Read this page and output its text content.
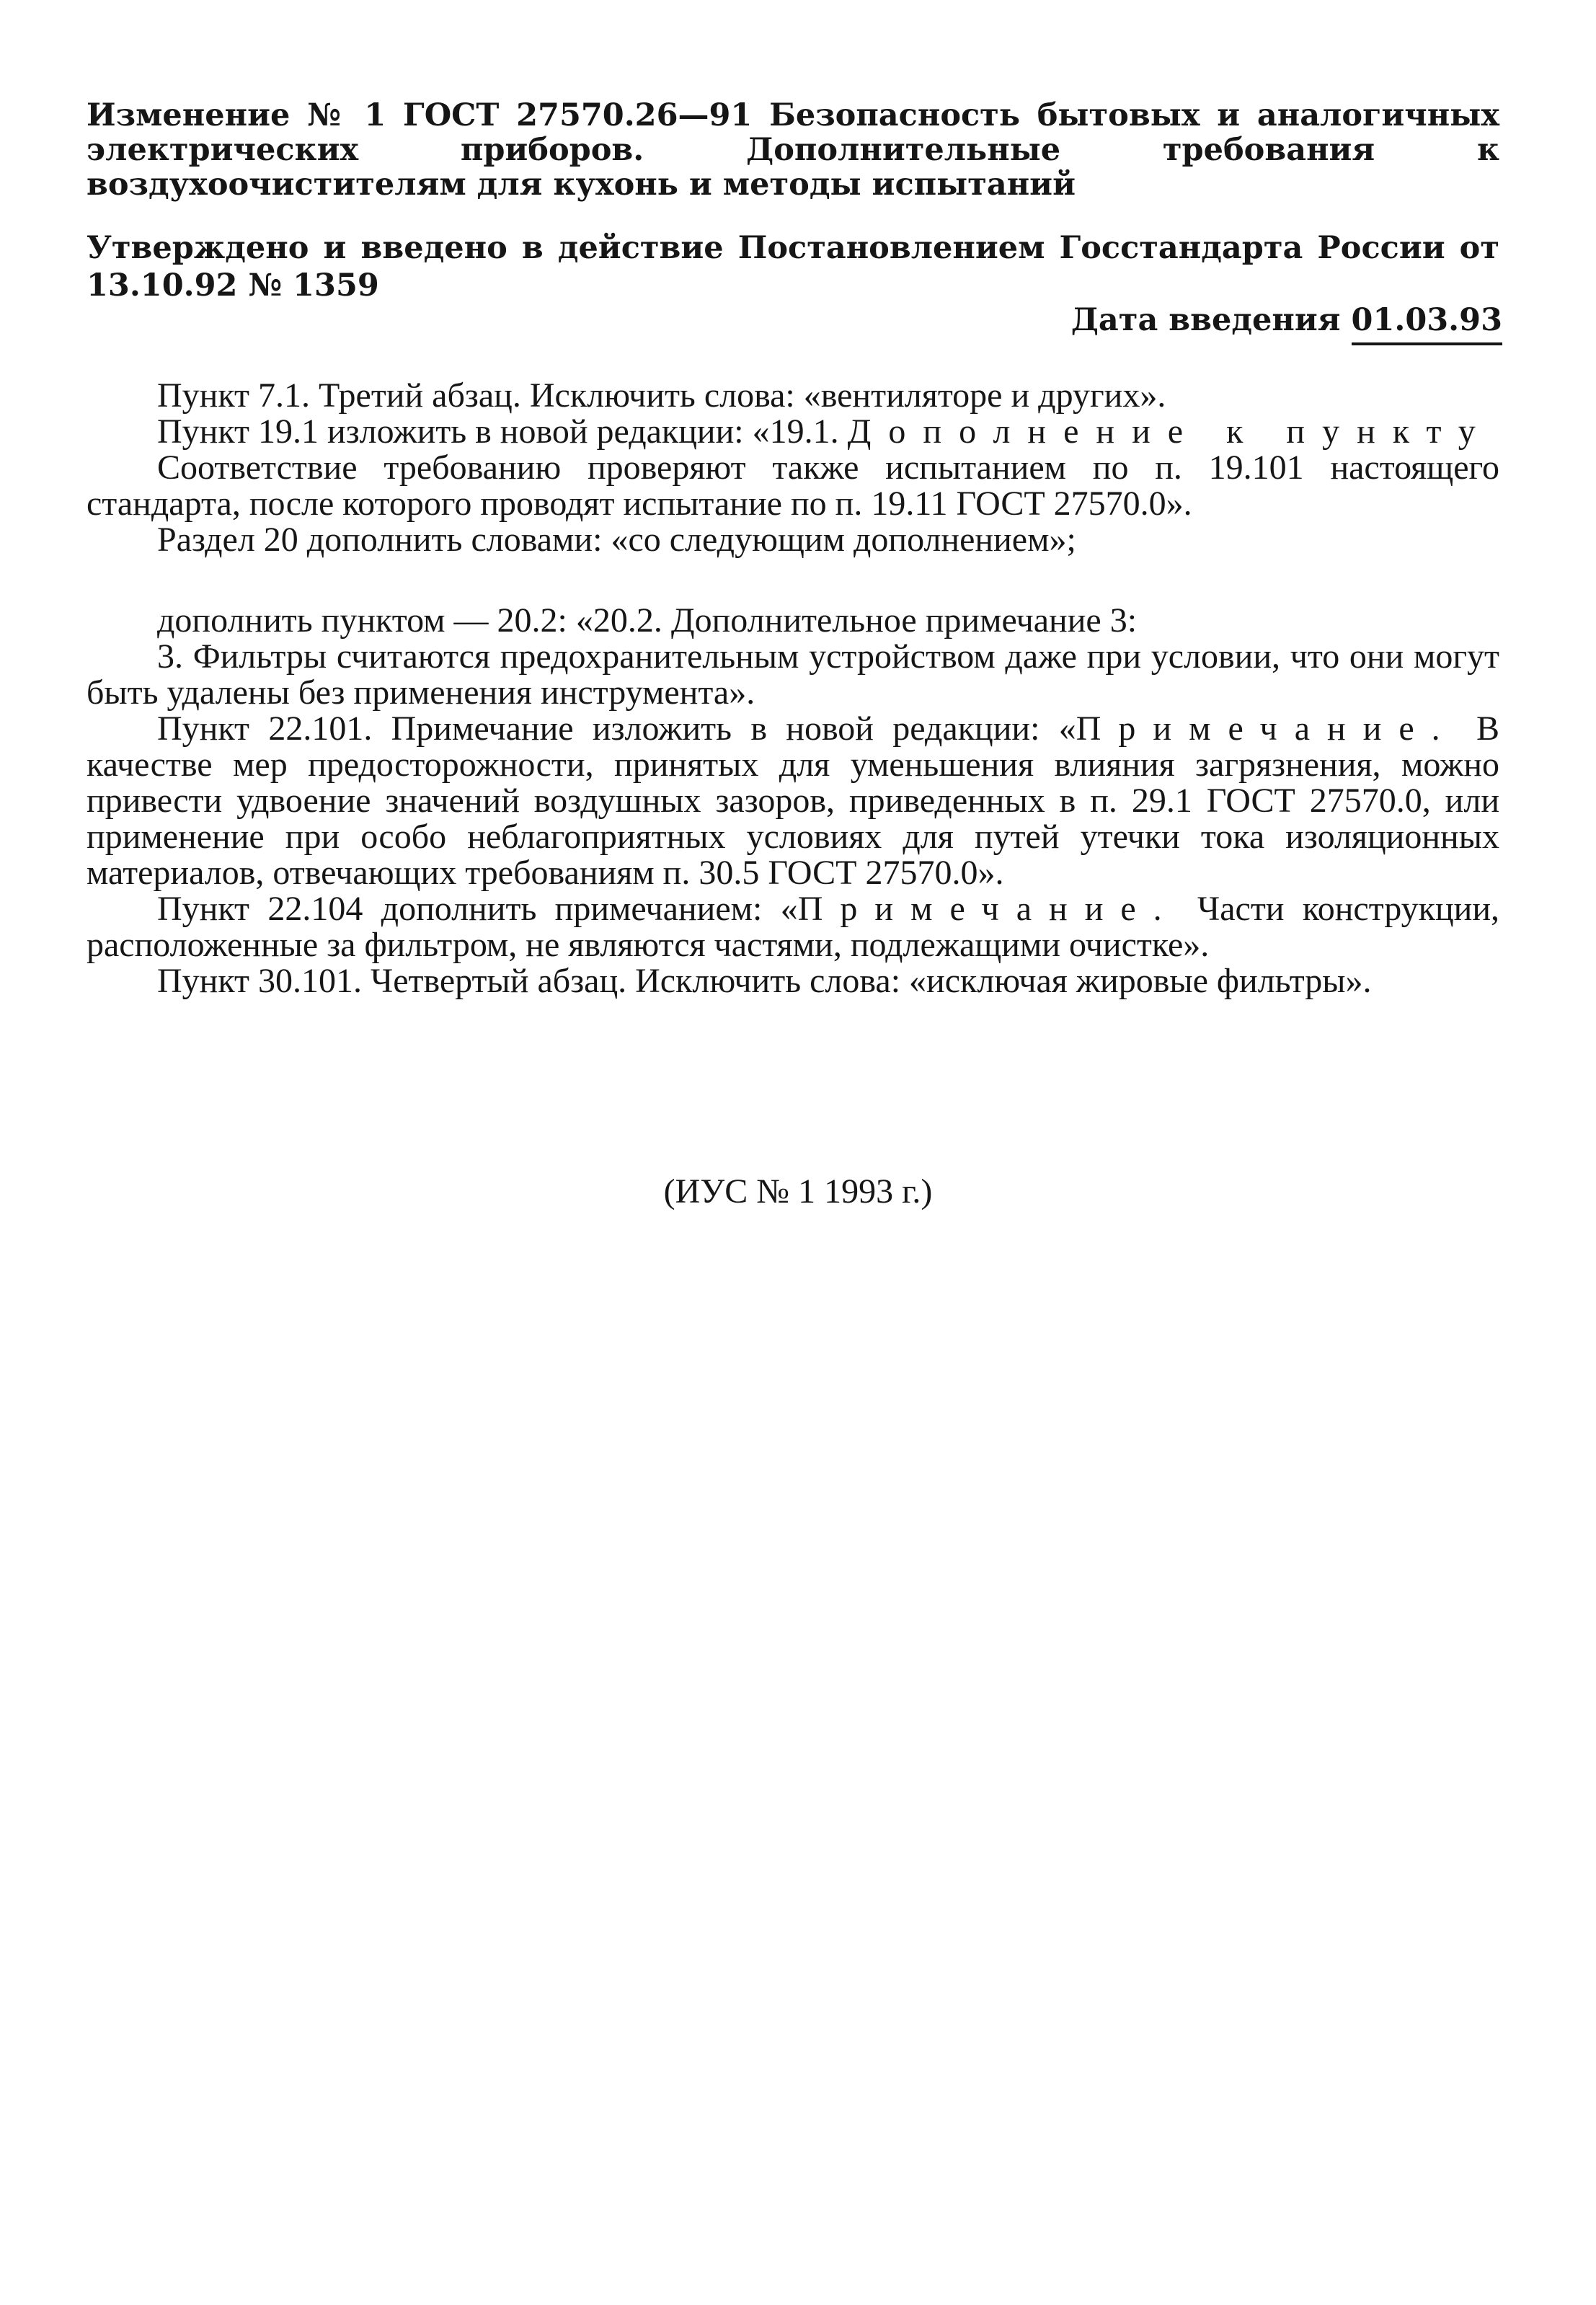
Изменение № 1 ГОСТ 27570.26—91 Безопасность бытовых и аналогичных электрических приборов. Дополнительные требования к воздухоочистителям для кухонь и методы испытаний
Утверждено и введено в действие Постановлением Госстандарта России от 13.10.92 № 1359
Дата введения 01.03.93

Пункт 7.1. Третий абзац. Исключить слова: «вентиляторе и других».

Пункт 19.1 изложить в новой редакции: «19.1. Дополнение к пункту

Соответствие требованию проверяют также испытанием по п. 19.101 настоящего стандарта, после которого проводят испытание по п. 19.11 ГОСТ 27570.0».

Раздел 20 дополнить словами: «со следующим дополнением»;

дополнить пунктом — 20.2: «20.2. Дополнительное примечание 3:

3. Фильтры считаются предохранительным устройством даже при условии, что они могут быть удалены без применения инструмента».

Пункт 22.101. Примечание изложить в новой редакции: «Примечание. В качестве мер предосторожности, принятых для уменьшения влияния загрязнения, можно привести удвоение значений воздушных зазоров, приведенных в п. 29.1 ГОСТ 27570.0, или применение при особо неблагоприятных условиях для путей утечки тока изоляционных материалов, отвечающих требованиям п. 30.5 ГОСТ 27570.0».

Пункт 22.104 дополнить примечанием: «Примечание. Части конструкции, расположенные за фильтром, не являются частями, подлежащими очистке».

Пункт 30.101. Четвертый абзац. Исключить слова: «исключая жировые фильтры».

(ИУС № 1 1993 г.)
